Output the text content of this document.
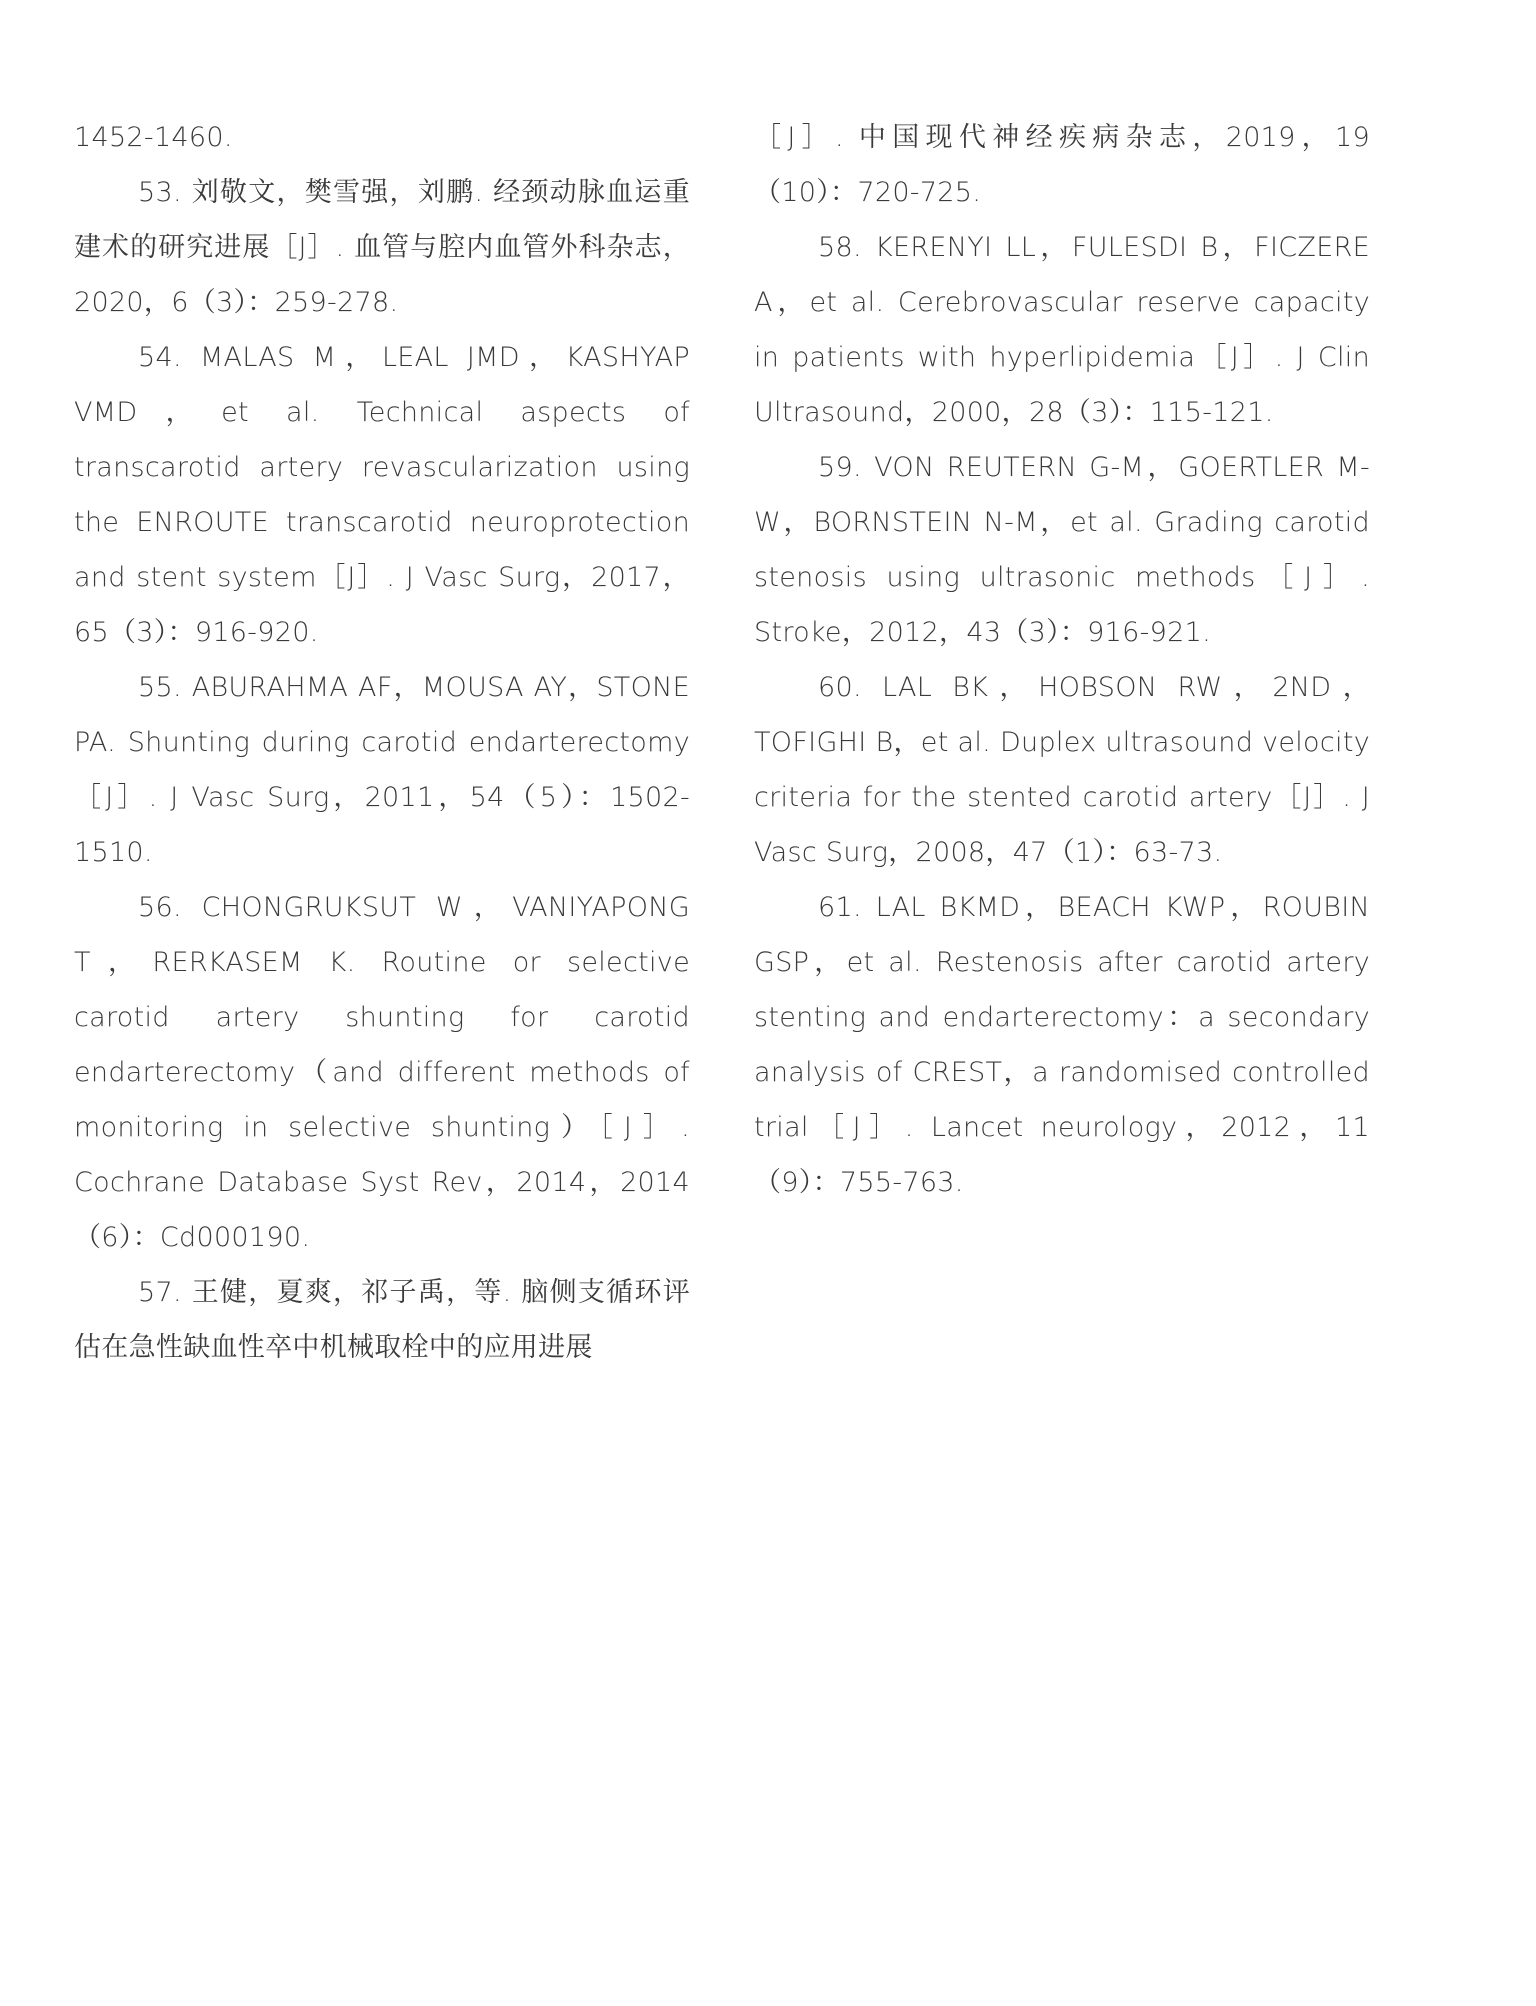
1452-1460.

53. 刘敬文，樊雪强，刘鹏. 经颈动脉血运重建术的研究进展［J］. 血管与腔内血管外科杂志，2020，6（3）：259-278.

54. MALAS M，LEAL JMD，KASHYAP VMD，et al. Technical aspects of transcarotid artery revascularization using the ENROUTE transcarotid neuroprotection and stent system［J］. J Vasc Surg，2017，65（3）：916-920.

55. ABURAHMA AF，MOUSA AY，STONE PA. Shunting during carotid endarterectomy［J］. J Vasc Surg，2011，54（5）：1502-1510.

56. CHONGRUKSUT W，VANIYAPONG T，RERKASEM K. Routine or selective carotid artery shunting for carotid endarterectomy（and different methods of monitoring in selective shunting）［J］. Cochrane Database Syst Rev，2014，2014（6）：Cd000190.

57. 王健，夏爽，祁子禹，等. 脑侧支循环评估在急性缺血性卒中机械取栓中的应用进展

［J］. 中国现代神经疾病杂志，2019，19（10）：720-725.

58. KERENYI LL，FULESDI B，FICZERE A，et al. Cerebrovascular reserve capacity in patients with hyperlipidemia［J］. J Clin Ultrasound，2000，28（3）：115-121.

59. VON REUTERN G-M，GOERTLER M-W，BORNSTEIN N-M，et al. Grading carotid stenosis using ultrasonic methods［J］. Stroke，2012，43（3）：916-921.

60. LAL BK，HOBSON RW，2ND，TOFIGHI B，et al. Duplex ultrasound velocity criteria for the stented carotid artery［J］. J Vasc Surg，2008，47（1）：63-73.

61. LAL BKMD，BEACH KWP，ROUBIN GSP，et al. Restenosis after carotid artery stenting and endarterectomy：a secondary analysis of CREST，a randomised controlled trial［J］. Lancet neurology，2012，11（9）：755-763.
